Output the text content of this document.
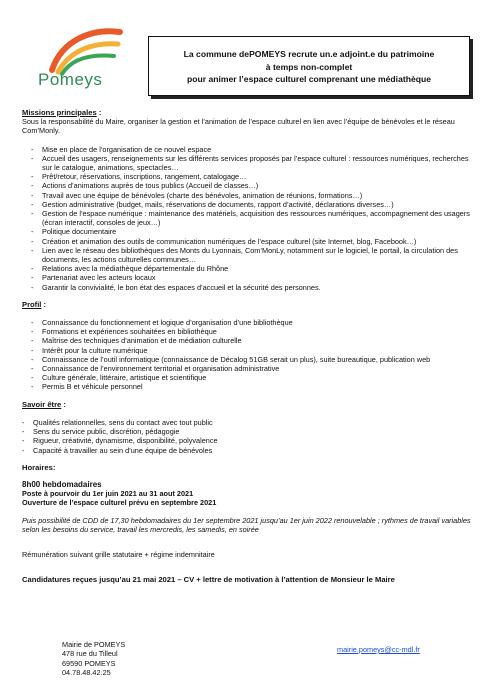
Pomeys
La commune dePOMEYS recrute un.e adjoint.e du patrimoine
à temps non-complet
pour animer l’espace culturel comprenant une médiathèque
Missions principales :
Sous la responsabilité du Maire, organiser la gestion et l’animation de l’espace culturel en lien avec l’équipe de bénévoles et le réseau Com’Monly.
- Mise en place de l’organisation de ce nouvel espace
- Accueil des usagers, renseignements sur les différents services proposés par l’espace culturel : ressources numériques, recherches sur le catalogue, animations, spectacles…
- Prêt/retour, réservations, inscriptions, rangement, catalogage…
- Actions d’animations auprès de tous publics (Accueil de classes…)
- Travail avec une équipe de bénévoles (charte des bénévoles, animation de réunions, formations…)
- Gestion administrative (budget, mails, réservations de documents, rapport d’activité, déclarations diverses…)
- Gestion de l’espace numérique : maintenance des matériels, acquisition des ressources numériques, accompagnement des usagers (écran interactif, consoles de jeux…)
- Politique documentaire
- Création et animation des outils de communication numériques de l’espace culturel (site Internet, blog, Facebook…)
- Lien avec le réseau des bibliothèques des Monts du Lyonnais, Com’MonLy, notamment sur le logiciel, le portail, la circulation des documents, les actions culturelles communes…
- Relations avec la médiathèque départementale du Rhône
- Partenariat avec les acteurs locaux
- Garantir la convivialité, le bon état des espaces d’accueil et la sécurité des personnes.
Profil :
- Connaissance du fonctionnement et logique d’organisation d’une bibliothèque
- Formations et expériences souhaitées en bibliothèque
- Maîtrise des techniques d’animation et de médiation culturelle
- Intérêt pour la culture numérique
- Connaissance de l’outil informatique (connaissance de Décalog 51GB serait un plus), suite bureautique, publication web
- Connaissance de l’environnement territorial et organisation administrative
- Culture générale, littéraire, artistique et scientifique
- Permis B et véhicule personnel
Savoir être :
- Qualités relationnelles, sens du contact avec tout public
- Sens du service public, discrétion, pédagogie
- Rigueur, créativité, dynamisme, disponibilité, polyvalence
- Capacité à travailler au sein d’une équipe de bénévoles
Horaires:
8h00 hebdomadaires
Poste à pourvoir du 1er juin 2021 au 31 aout 2021
Ouverture de l’espace culturel prévu en septembre 2021
Puis possibilité de CDD de 17,30 hebdomadaires du 1er septembre 2021 jusqu’au 1er juin 2022 renouvelable ; rythmes de travail variables selon les besoins du service, travail les mercredis, les samedis, en soirée
Rémunération suivant grille statutaire + régime indemnitaire
Candidatures reçues jusqu’au 21 mai 2021 – CV + lettre de motivation à l’attention de Monsieur le Maire
Mairie de POMEYS
478 rue du Tilleul
69590 POMEYS
04.78.48.42.25
mairie.pomeys@cc-mdl.fr
